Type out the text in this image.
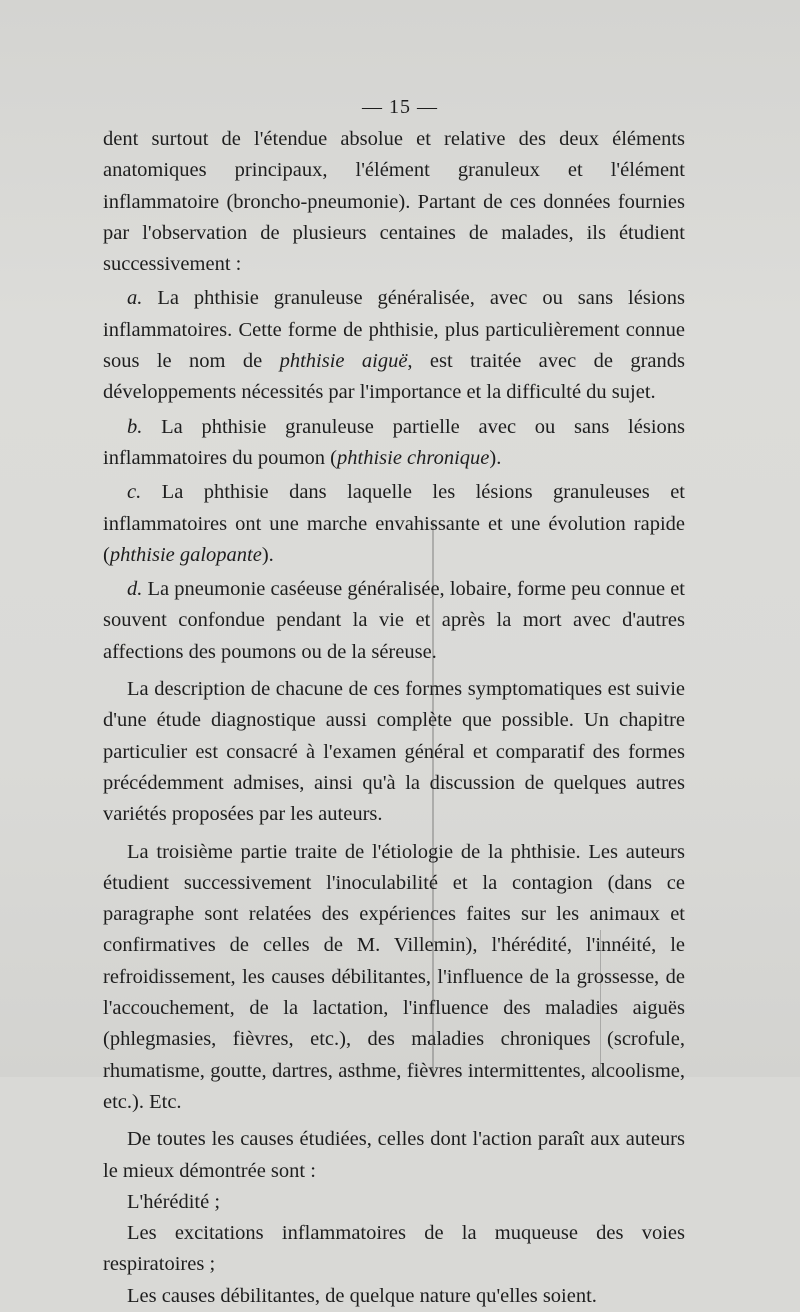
— 15 —

dent surtout de l'étendue absolue et relative des deux éléments anatomiques principaux, l'élément granuleux et l'élément inflammatoire (broncho-pneumonie). Partant de ces données fournies par l'observation de plusieurs centaines de malades, ils étudient successivement :

a. La phthisie granuleuse généralisée, avec ou sans lésions inflammatoires. Cette forme de phthisie, plus particulièrement connue sous le nom de phthisie aiguë, est traitée avec de grands développements nécessités par l'importance et la difficulté du sujet.

b. La phthisie granuleuse partielle avec ou sans lésions inflammatoires du poumon (phthisie chronique).

c. La phthisie dans laquelle les lésions granuleuses et inflammatoires ont une marche envahissante et une évolution rapide (phthisie galopante).

d. La pneumonie caséeuse généralisée, lobaire, forme peu connue et souvent confondue pendant la vie et après la mort avec d'autres affections des poumons ou de la séreuse.

La description de chacune de ces formes symptomatiques est suivie d'une étude diagnostique aussi complète que possible. Un chapitre particulier est consacré à l'examen général et comparatif des formes précédemment admises, ainsi qu'à la discussion de quelques autres variétés proposées par les auteurs.

La troisième partie traite de l'étiologie de la phthisie. Les auteurs étudient successivement l'inoculabilité et la contagion (dans ce paragraphe sont relatées des expériences faites sur les animaux et confirmatives de celles de M. Villemin), l'hérédité, l'innéité, le refroidissement, les causes débilitantes, l'influence de la grossesse, de l'accouchement, de la lactation, l'influence des maladies aiguës (phlegmasies, fièvres, etc.), des maladies chroniques (scrofule, rhumatisme, goutte, dartres, asthme, fièvres intermittentes, alcoolisme, etc.). Etc.

De toutes les causes étudiées, celles dont l'action paraît aux auteurs le mieux démontrée sont :

L'hérédité ;

Les excitations inflammatoires de la muqueuse des voies respiratoires ;

Les causes débilitantes, de quelque nature qu'elles soient.
